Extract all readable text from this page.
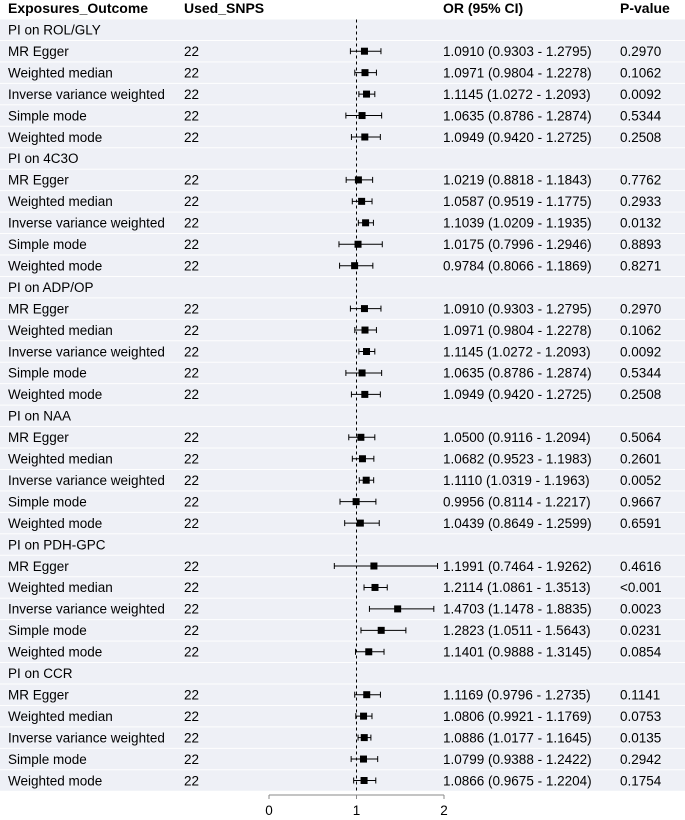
Exposures_Outcome	Used_SNPS	OR (95% CI)	P-value
PI on ROL/GLY
MR Egger	22	1.0910 (0.9303 - 1.2795) 0.2970
Weighted median	22	1.0971 (0.9804 - 1.2278) 0.1062
Inverse variance weighted 22	1.1145 (1.0272 - 1.2093) 0.0092
Simple mode	22	1.0635 (0.8786 - 1.2874) 0.5344
Weighted mode	22	1.0949 (0.9420 - 1.2725) 0.2508
PI on 4C3O
MR Egger	22	1.0219 (0.8818 - 1.1843) 0.7762
Weighted median	22	1.0587 (0.9519 - 1.1775) 0.2933
Inverse variance weighted 22	1.1039 (1.0209 - 1.1935) 0.0132
Simple mode	22	1.0175 (0.7996 - 1.2946) 0.8893
Weighted mode	22	0.9784 (0.8066 - 1.1869) 0.8271
PI on ADP/OP
MR Egger	22	1.0910 (0.9303 - 1.2795) 0.2970
Weighted median	22	1.0971 (0.9804 - 1.2278) 0.1062
Inverse variance weighted 22	1.1145 (1.0272 - 1.2093) 0.0092
Simple mode	22	1.0635 (0.8786 - 1.2874) 0.5344
Weighted mode	22	1.0949 (0.9420 - 1.2725) 0.2508
PI on NAA
MR Egger	22	1.0500 (0.9116 - 1.2094) 0.5064
Weighted median	22	1.0682 (0.9523 - 1.1983) 0.2601
Inverse variance weighted 22	1.1110 (1.0319 - 1.1963) 0.0052
Simple mode	22	0.9956 (0.8114 - 1.2217) 0.9667
Weighted mode	22	1.0439 (0.8649 - 1.2599) 0.6591
PI on PDH-GPC
MR Egger	22	1.1991 (0.7464 - 1.9262) 0.4616
Weighted median	22	1.2114 (1.0861 - 1.3513) <0.001
Inverse variance weighted 22	1.4703 (1.1478 - 1.8835) 0.0023
Simple mode	22	1.2823 (1.0511 - 1.5643) 0.0231
Weighted mode	22	1.1401 (0.9888 - 1.3145) 0.0854
PI on CCR
MR Egger	22	1.1169 (0.9796 - 1.2735) 0.1141
Weighted median	22	1.0806 (0.9921 - 1.1769) 0.0753
Inverse variance weighted 22	1.0886 (1.0177 - 1.1645) 0.0135
Simple mode	22	1.0799 (0.9388 - 1.2422) 0.2942
Weighted mode	22	1.0866 (0.9675 - 1.2204) 0.1754
0	1	2
